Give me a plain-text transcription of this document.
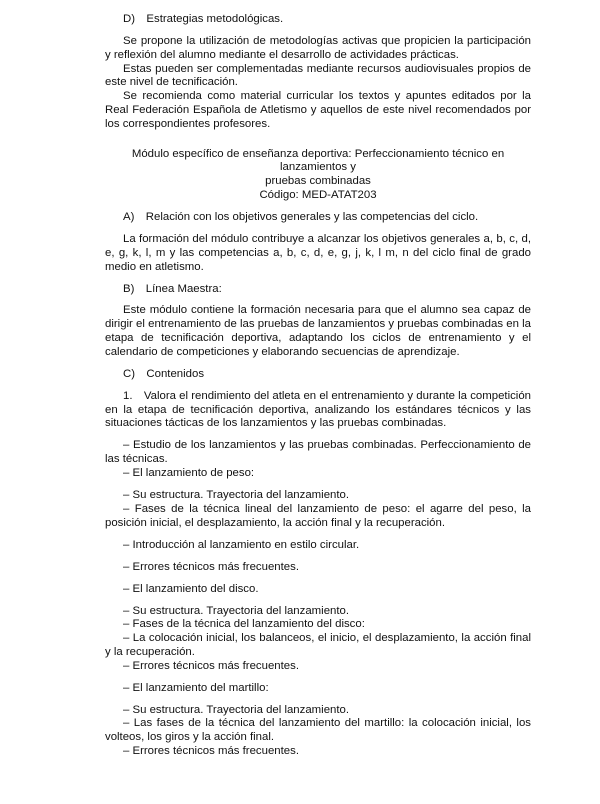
D) Estrategias metodológicas.

Se propone la utilización de metodologías activas que propicien la participación y reflexión del alumno mediante el desarrollo de actividades prácticas.

Estas pueden ser complementadas mediante recursos audiovisuales propios de este nivel de tecnificación.

Se recomienda como material curricular los textos y apuntes editados por la Real Federación Española de Atletismo y aquellos de este nivel recomendados por los correspondientes profesores.

Módulo específico de enseñanza deportiva: Perfeccionamiento técnico en lanzamientos y

pruebas combinadas

Código: MED-ATAT203

A) Relación con los objetivos generales y las competencias del ciclo.

La formación del módulo contribuye a alcanzar los objetivos generales a, b, c, d, e, g, k, l, m y las competencias a, b, c, d, e, g, j, k, l m, n del ciclo final de grado medio en atletismo.

B) Línea Maestra:

Este módulo contiene la formación necesaria para que el alumno sea capaz de dirigir el entrenamiento de las pruebas de lanzamientos y pruebas combinadas en la etapa de tecnificación deportiva, adaptando los ciclos de entrenamiento y el calendario de competiciones y elaborando secuencias de aprendizaje.

C) Contenidos

1. Valora el rendimiento del atleta en el entrenamiento y durante la competición en la etapa de tecnificación deportiva, analizando los estándares técnicos y las situaciones tácticas de los lanzamientos y las pruebas combinadas.

– Estudio de los lanzamientos y las pruebas combinadas. Perfeccionamiento de las técnicas.

– El lanzamiento de peso:

– Su estructura. Trayectoria del lanzamiento.

– Fases de la técnica lineal del lanzamiento de peso: el agarre del peso, la posición inicial, el desplazamiento, la acción final y la recuperación.

– Introducción al lanzamiento en estilo circular.

– Errores técnicos más frecuentes.

– El lanzamiento del disco.

– Su estructura. Trayectoria del lanzamiento.

– Fases de la técnica del lanzamiento del disco:

– La colocación inicial, los balanceos, el inicio, el desplazamiento, la acción final y la recuperación.

– Errores técnicos más frecuentes.

– El lanzamiento del martillo:

– Su estructura. Trayectoria del lanzamiento.

– Las fases de la técnica del lanzamiento del martillo: la colocación inicial, los volteos, los giros y la acción final.

– Errores técnicos más frecuentes.
